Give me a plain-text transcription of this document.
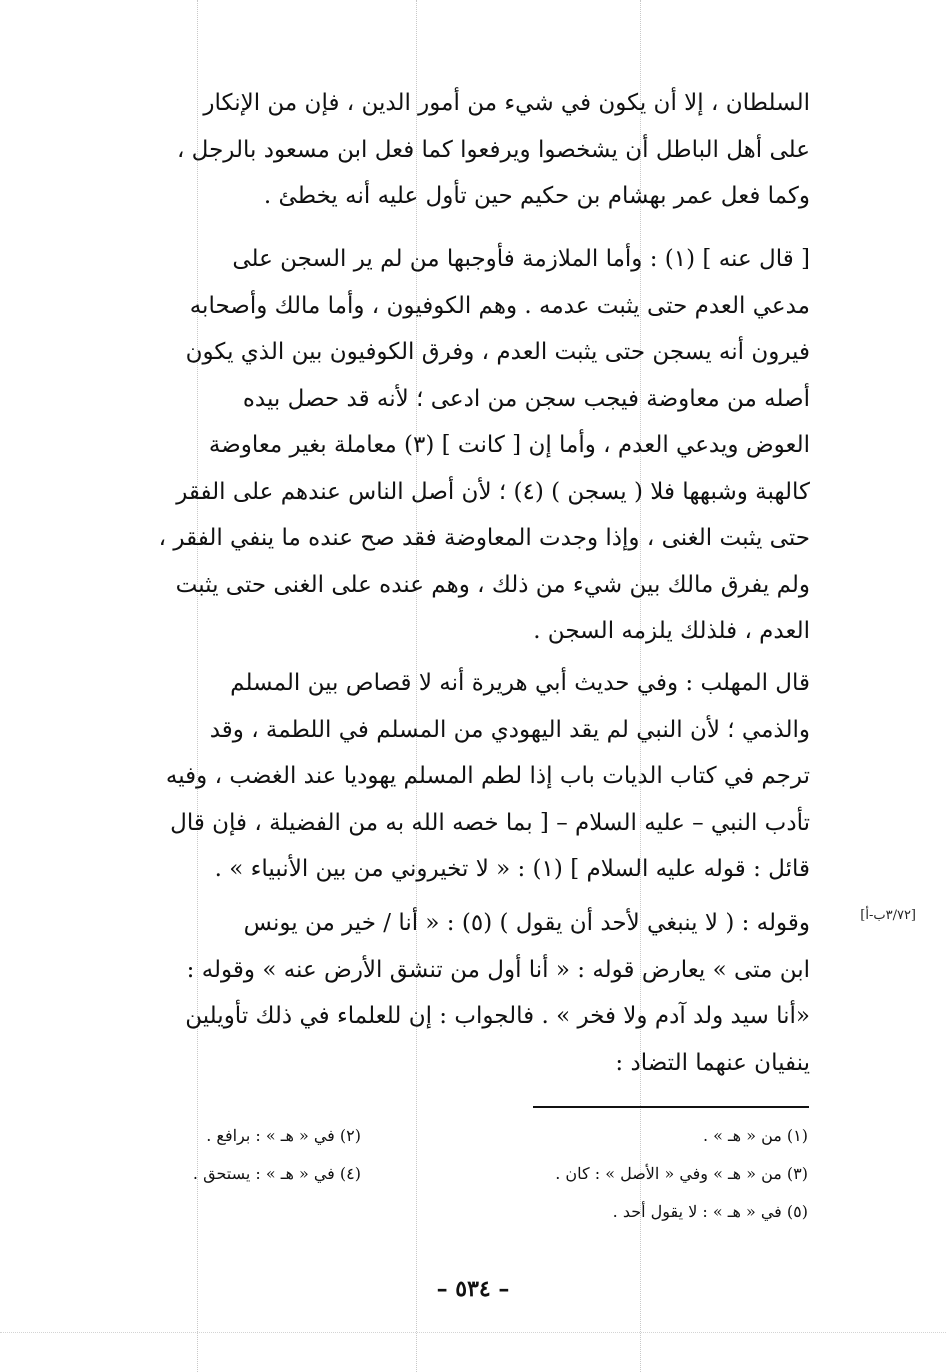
السلطان ، إلا أن يكون في شيء من أمور الدين ، فإن من الإنكار
على أهل الباطل أن يشخصوا ويرفعوا كما فعل ابن مسعود بالرجل ،
وكما فعل عمر بهشام بن حكيم حين تأول عليه أنه يخطئ .
[ قال عنه ] (١) : وأما الملازمة فأوجبها من لم ير السجن على
مدعي العدم حتى يثبت عدمه . وهم الكوفيون ، وأما مالك وأصحابه
فيرون أنه يسجن حتى يثبت العدم ، وفرق الكوفيون بين الذي يكون
أصله من معاوضة فيجب سجن من ادعى ؛ لأنه قد حصل بيده
العوض ويدعي العدم ، وأما إن [ كانت ] (٣) معاملة بغير معاوضة
كالهبة وشبهها فلا ( يسجن ) (٤) ؛ لأن أصل الناس عندهم على الفقر
حتى يثبت الغنى ، وإذا وجدت المعاوضة فقد صح عنده ما ينفي الفقر ،
ولم يفرق مالك بين شيء من ذلك ، وهم عنده على الغنى حتى يثبت
العدم ، فلذلك يلزمه السجن .
قال المهلب : وفي حديث أبي هريرة أنه لا قصاص بين المسلم
والذمي ؛ لأن النبي لم يقد اليهودي من المسلم في اللطمة ، وقد
ترجم في كتاب الديات باب إذا لطم المسلم يهوديا عند الغضب ، وفيه
تأدب النبي – عليه السلام – [ بما خصه الله به من الفضيلة ، فإن قال
قائل : قوله عليه السلام ] (١) : « لا تخيروني من بين الأنبياء » .
وقوله : ( لا ينبغي لأحد أن يقول ) (٥) : « أنا / خير من يونس
ابن متى » يعارض قوله : « أنا أول من تنشق الأرض عنه » وقوله :
«أنا سيد ولد آدم ولا فخر » . فالجواب : إن للعلماء في ذلك تأويلين
ينفيان عنهما التضاد :
[٣/٧٢ب-أ]
(١) من « هـ » .
(٢) في « هـ » : برافع .
(٣) من « هـ » وفي « الأصل » : كان .
(٤) في « هـ » : يستحق .
(٥) في « هـ » : لا يقول أحد .
– ٥٣٤ –
